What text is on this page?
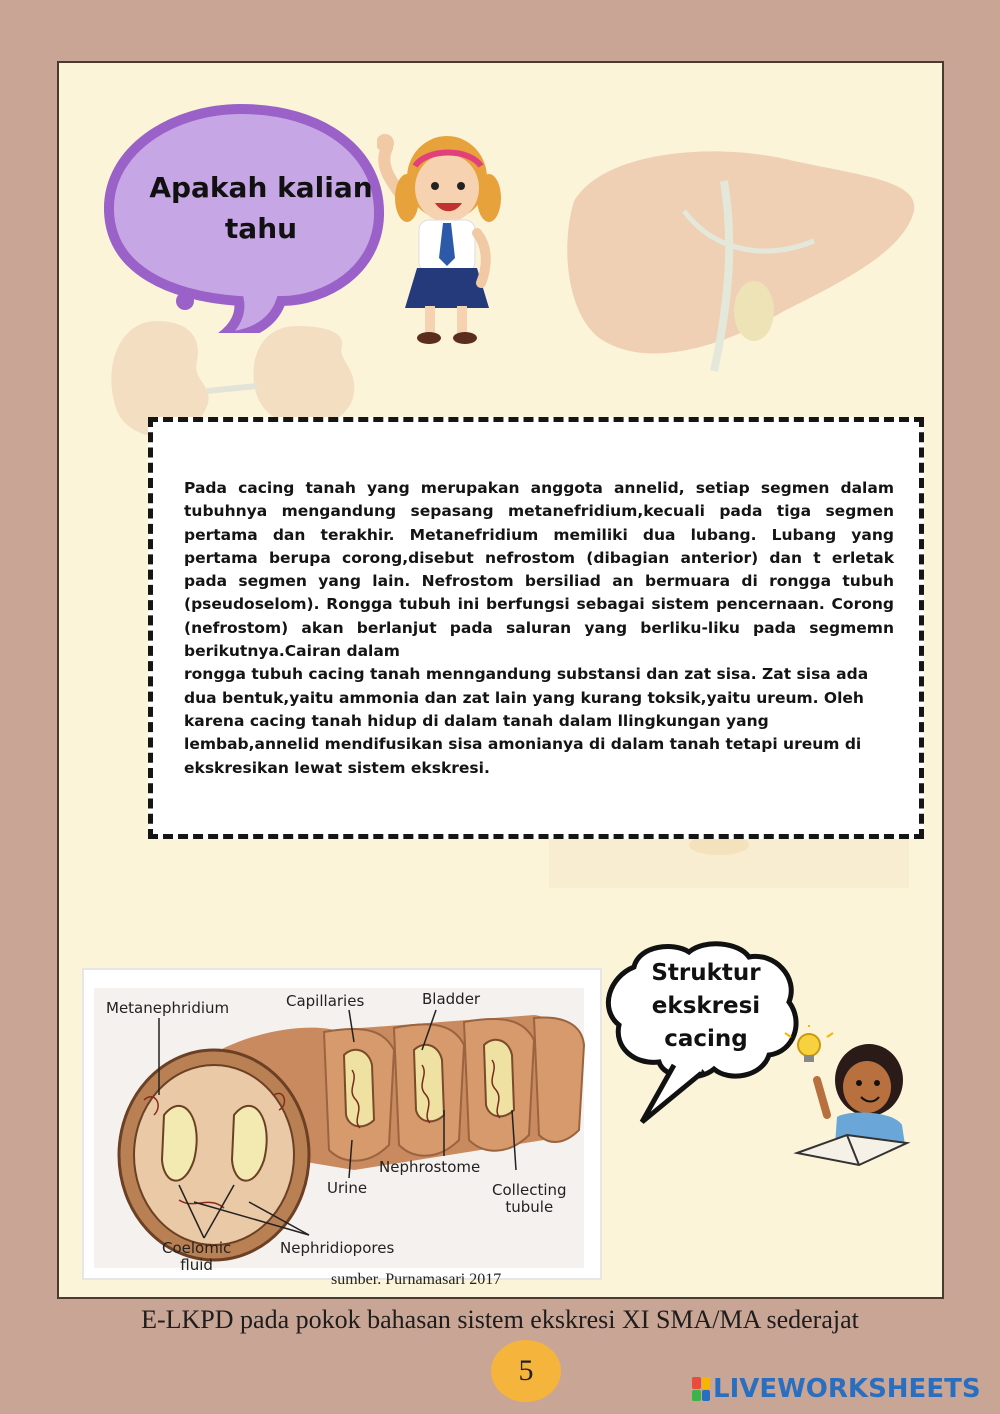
Apakah kalian
tahu
Pada cacing tanah yang merupakan anggota annelid, setiap segmen dalam
tubuhnya mengandung sepasang metanefridium,kecuali pada tiga segmen
pertama dan terakhir. Metanefridium memiliki dua lubang. Lubang yang
pertama berupa corong,disebut nefrostom (dibagian anterior) dan t erletak
pada segmen yang lain. Nefrostom bersiliad an bermuara di rongga tubuh
(pseudoselom). Rongga tubuh ini berfungsi sebagai sistem pencernaan. Corong
(nefrostom) akan berlanjut pada saluran yang berliku-liku pada segmemn
berikutnya.Cairan dalam
rongga tubuh cacing tanah menngandung substansi dan zat sisa. Zat sisa ada
dua bentuk,yaitu ammonia dan zat lain yang kurang toksik,yaitu ureum. Oleh
karena cacing tanah hidup di dalam tanah dalam llingkungan yang
lembab,annelid mendifusikan sisa amonianya di dalam tanah tetapi ureum di
ekskresikan lewat sistem ekskresi.
Metanephridium	Capillaries	Bladder
Nephrostome
Urine	Collecting
tubule
Coelomic
fluid
Nephridiopores
sumber. Purnamasari 2017
Struktur
ekskresi
cacing
E-LKPD pada pokok bahasan sistem ekskresi XI SMA/MA sederajat
5
LIVEWORKSHEETS
